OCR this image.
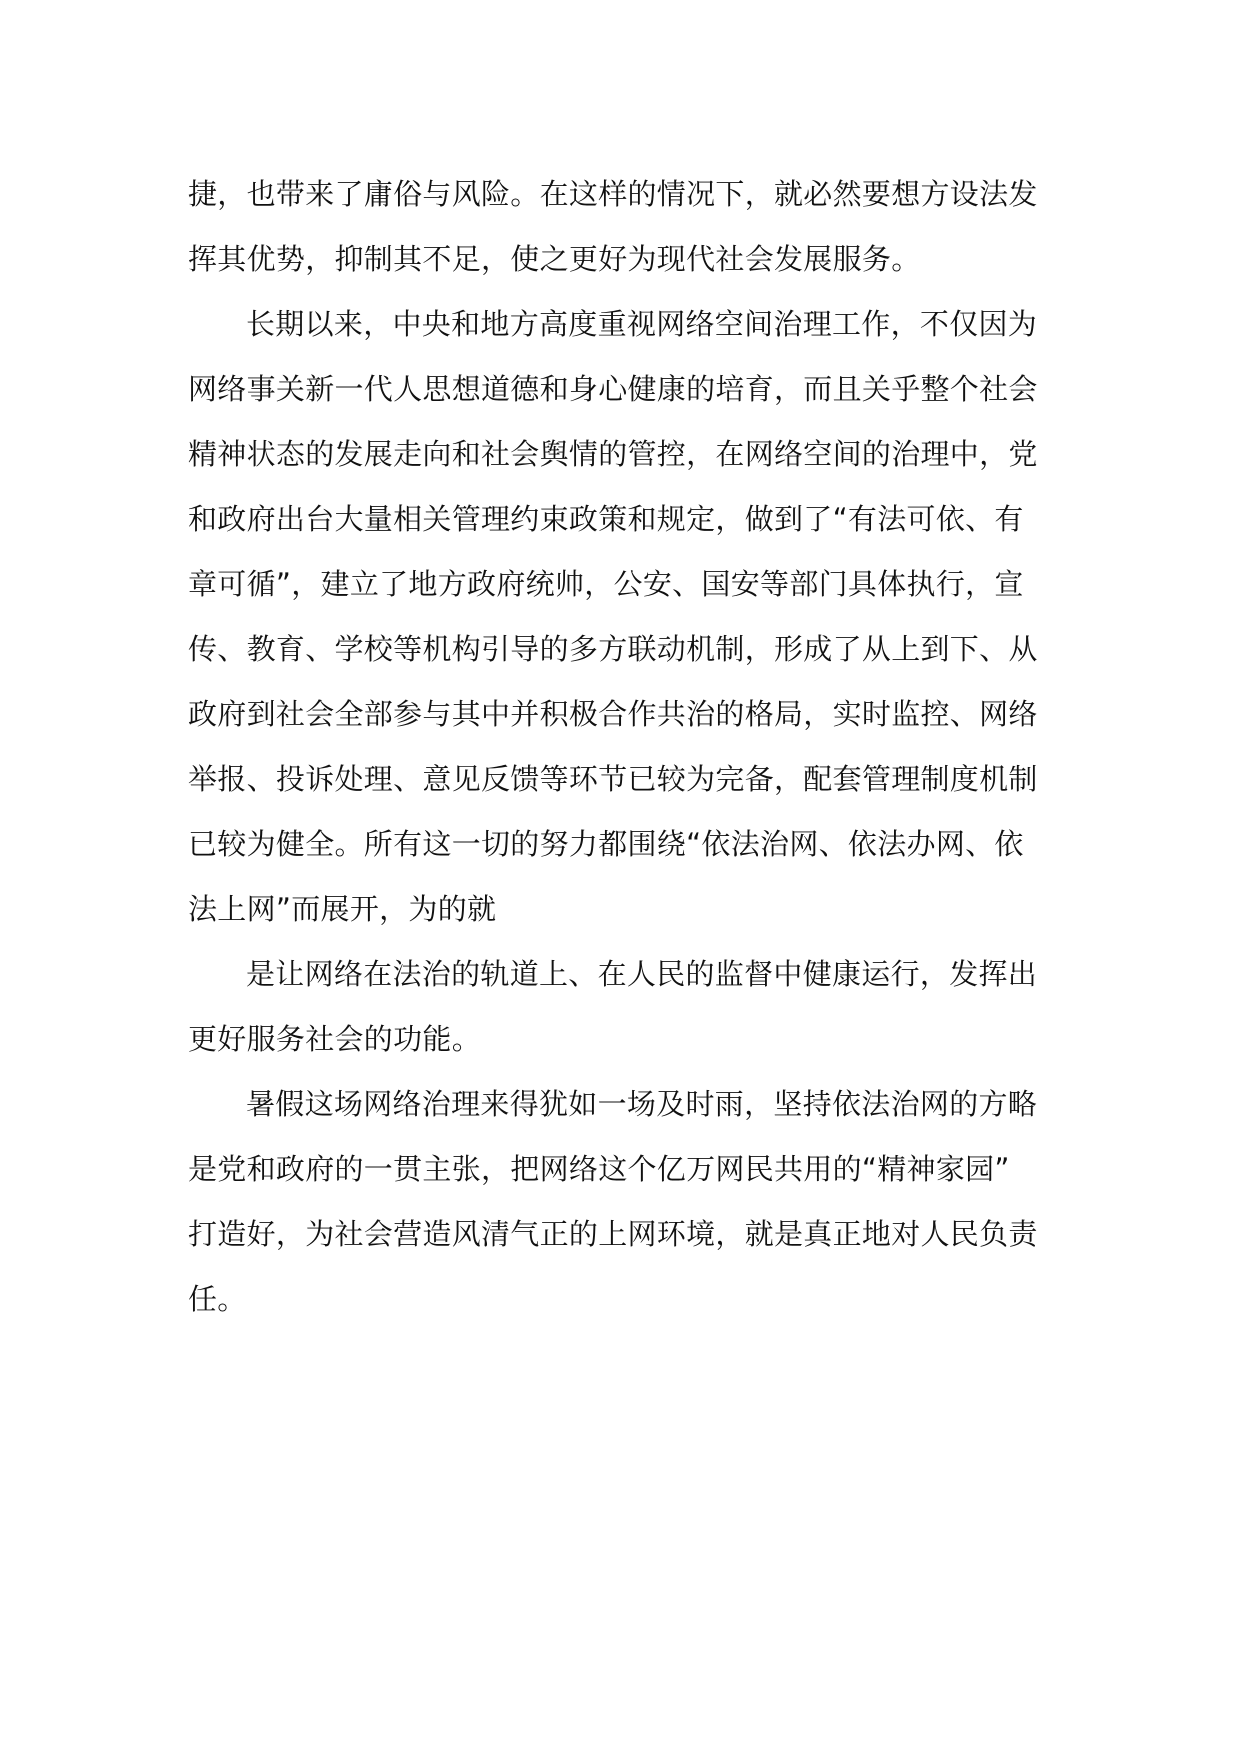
捷，也带来了庸俗与风险。在这样的情况下，就必然要想方设法发
挥其优势，抑制其不足，使之更好为现代社会发展服务。
长期以来，中央和地方高度重视网络空间治理工作，不仅因为
网络事关新一代人思想道德和身心健康的培育，而且关乎整个社会
精神状态的发展走向和社会舆情的管控，在网络空间的治理中，党
和政府出台大量相关管理约束政策和规定，做到了“有法可依、有
章可循”，建立了地方政府统帅，公安、国安等部门具体执行，宣
传、教育、学校等机构引导的多方联动机制，形成了从上到下、从
政府到社会全部参与其中并积极合作共治的格局，实时监控、网络
举报、投诉处理、意见反馈等环节已较为完备，配套管理制度机制
已较为健全。所有这一切的努力都围绕“依法治网、依法办网、依
法上网”而展开，为的就
是让网络在法治的轨道上、在人民的监督中健康运行，发挥出
更好服务社会的功能。
暑假这场网络治理来得犹如一场及时雨，坚持依法治网的方略
是党和政府的一贯主张，把网络这个亿万网民共用的“精神家园”
打造好，为社会营造风清气正的上网环境，就是真正地对人民负责
任。
